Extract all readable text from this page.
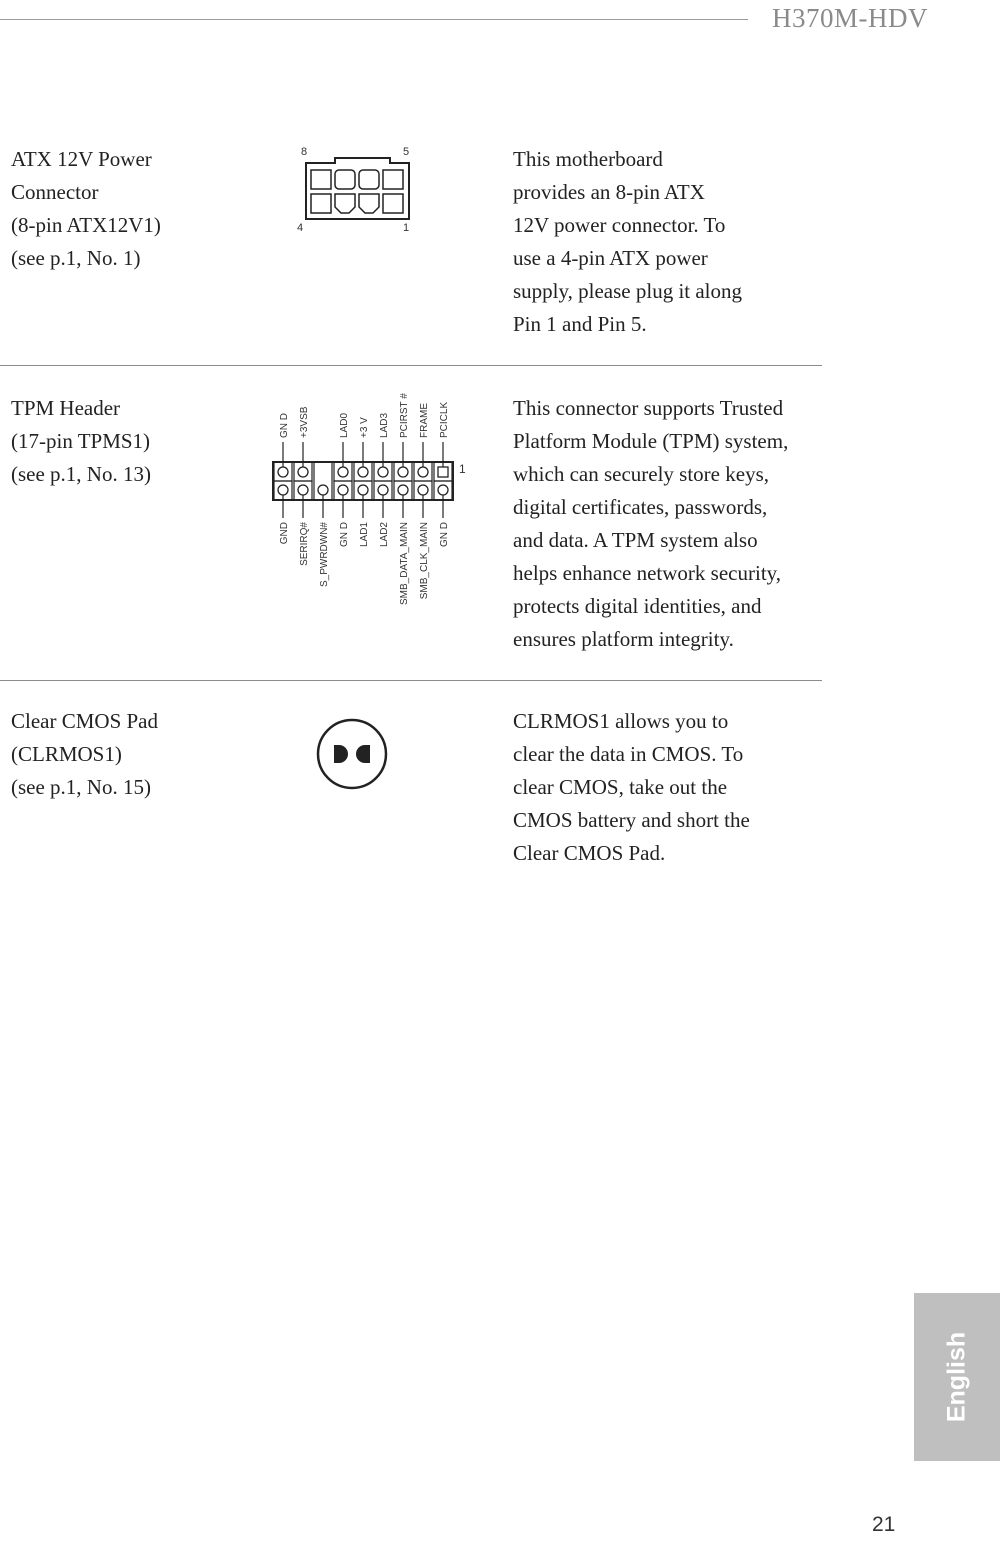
H370M-HDV
ATX 12V Power
Connector
(8-pin ATX12V1)
(see p.1, No. 1)
8	5
4	1
This motherboard
provides an 8-pin ATX
12V power connector. To
use a 4-pin ATX power
supply, please plug it along
Pin 1 and Pin 5.
TPM Header
(17-pin TPMS1)
(see p.1, No. 13)
GN D +3VSB	LAD0 +3 V LAD3 PCIRST # FRAME PCICLK
GND SERIRQ# S_PWRDWN# GN D LAD1 LAD2 SMB_DATA_MAIN SMB_CLK_MAIN GN D
1
This connector supports Trusted
Platform Module (TPM) system,
which can securely store keys,
digital certificates, passwords,
and data. A TPM system also
helps enhance network security,
protects digital identities, and
ensures platform integrity.
Clear CMOS Pad
(CLRMOS1)
(see p.1, No. 15)
CLRMOS1 allows you to
clear the data in CMOS. To
clear CMOS, take out the
CMOS battery and short the
Clear CMOS Pad.
English
21
